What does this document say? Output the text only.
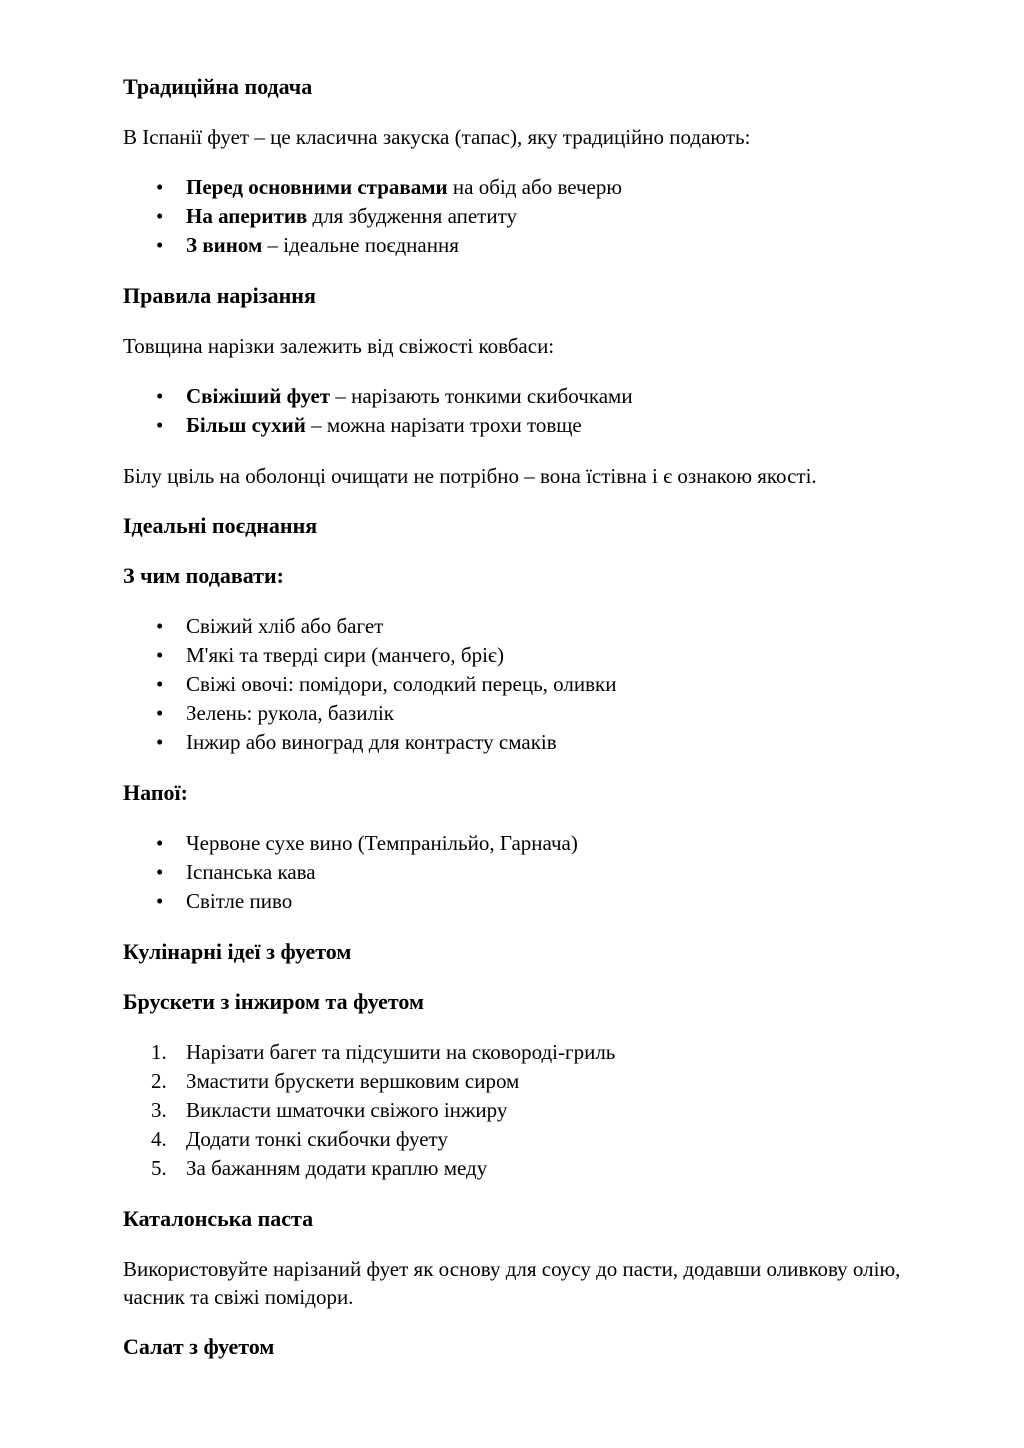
Традиційна подача

В Іспанії фует – це класична закуска (тапас), яку традиційно подають:

• Перед основними стравами на обід або вечерю
• На аперитив для збудження апетиту
• З вином – ідеальне поєднання
Правила нарізання

Товщина нарізки залежить від свіжості ковбаси:

• Свіжіший фует – нарізають тонкими скибочками
• Більш сухий – можна нарізати трохи товще

Білу цвіль на оболонці очищати не потрібно – вона їстівна і є ознакою якості.

Ідеальні поєднання
З чим подавати:
• Свіжий хліб або багет
• М'які та тверді сири (манчего, бріє)
• Свіжі овочі: помідори, солодкий перець, оливки
• Зелень: рукола, базилік
• Інжир або виноград для контрасту смаків
Напої:
• Червоне сухе вино (Темпранільйо, Гарнача)
• Іспанська кава
• Світле пиво
Кулінарні ідеї з фуетом
Брускети з інжиром та фуетом
Нарізати багет та підсушити на сковороді-гриль
Змастити брускети вершковим сиром
Викласти шматочки свіжого інжиру
Додати тонкі скибочки фуету
За бажанням додати краплю меду
Каталонська паста

Використовуйте нарізаний фует як основу для соусу до пасти, додавши оливкову олію, часник та свіжі помідори.

Салат з фуетом
